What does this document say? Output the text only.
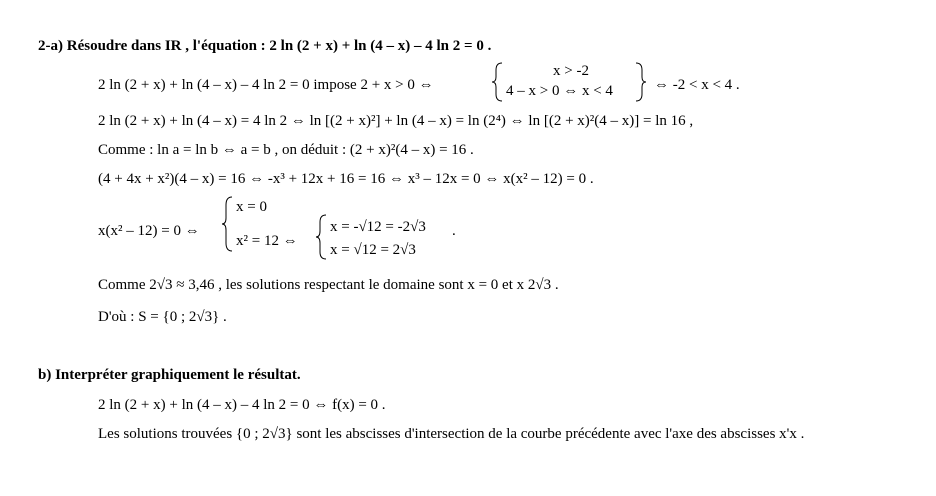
2-a) Résoudre dans IR , l'équation : 2 ln (2 + x) + ln (4 – x) – 4 ln 2 = 0 .
2 ln (2 + x) + ln (4 – x) – 4 ln 2 = 0 impose 2 + x > 0 ⇔
x > -2
4 – x > 0 ⇔ x < 4	⇔ -2 < x < 4 .
2 ln (2 + x) + ln (4 – x) = 4 ln 2 ⇔ ln [(2 + x)²] + ln (4 – x) = ln (2⁴) ⇔ ln [(2 + x)²(4 – x)] = ln 16 ,
Comme : ln a = ln b ⇔ a = b , on déduit : (2 + x)²(4 – x) = 16 .
(4 + 4x + x²)(4 – x) = 16 ⇔ -x³ + 12x + 16 = 16 ⇔ x³ – 12x = 0 ⇔ x(x² – 12) = 0 .
x(x² – 12) = 0 ⇔
x = 0
x² = 12 ⇔
x = -√12 = -2√3
x = √12 = 2√3
.
Comme 2√3 ≈ 3,46 , les solutions respectant le domaine sont x = 0 et x 2√3 .
D'où : S = {0 ; 2√3} .
b) Interpréter graphiquement le résultat.
2 ln (2 + x) + ln (4 – x) – 4 ln 2 = 0 ⇔ f(x) = 0 .
Les solutions trouvées {0 ; 2√3} sont les abscisses d'intersection de la courbe précédente avec l'axe des abscisses x'x .
